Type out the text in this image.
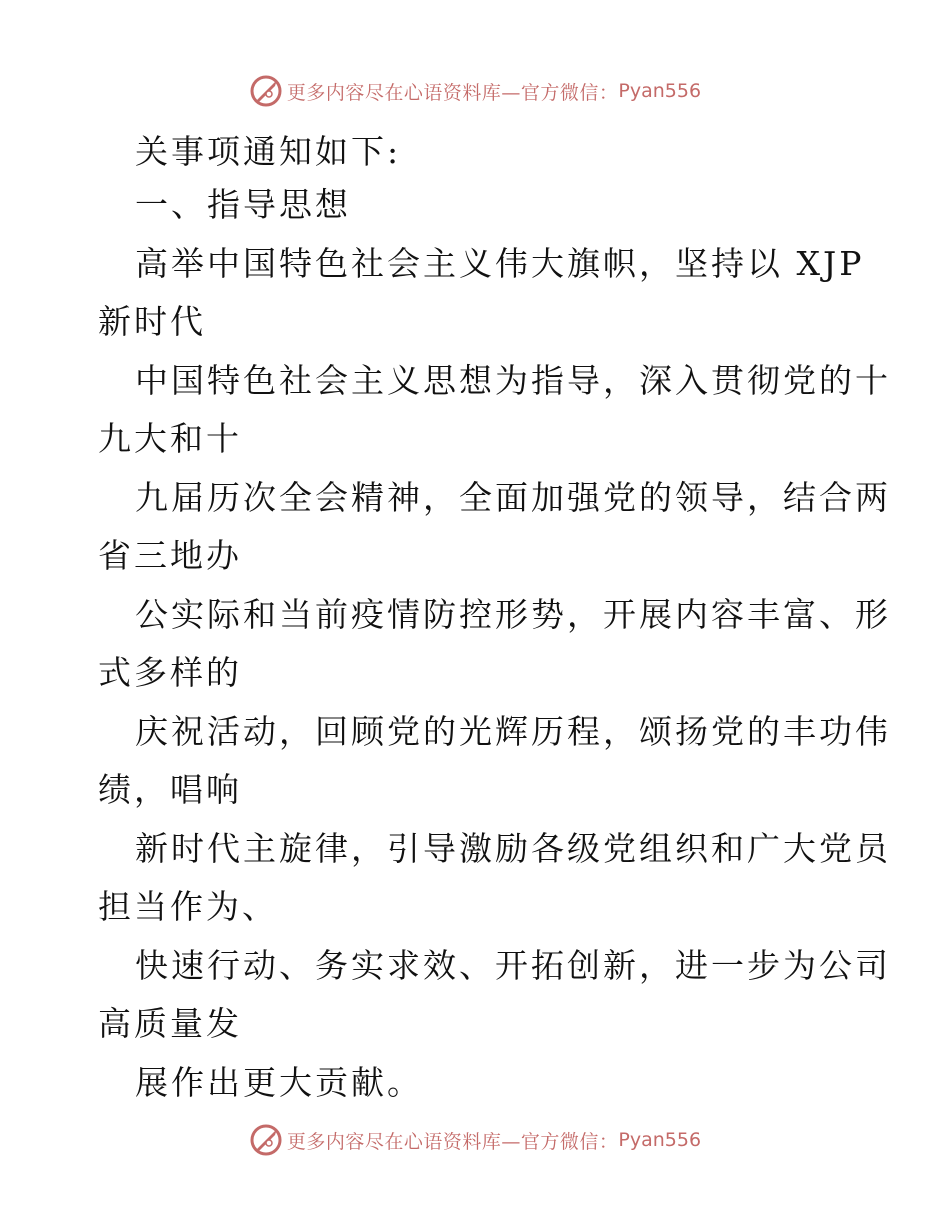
更多内容尽在心语资料库—官方微信： Pyan556
关事项通知如下:
一、指导思想
高举中国特色社会主义伟大旗帜，坚持以 XJP
新时代
中国特色社会主义思想为指导，深入贯彻党的十
九大和十
九届历次全会精神，全面加强党的领导，结合两
省三地办
公实际和当前疫情防控形势，开展内容丰富、形
式多样的
庆祝活动，回顾党的光辉历程，颂扬党的丰功伟
绩，唱响
新时代主旋律，引导激励各级党组织和广大党员
担当作为、
快速行动、务实求效、开拓创新，进一步为公司
高质量发
展作出更大贡献。
更多内容尽在心语资料库—官方微信： Pyan556
